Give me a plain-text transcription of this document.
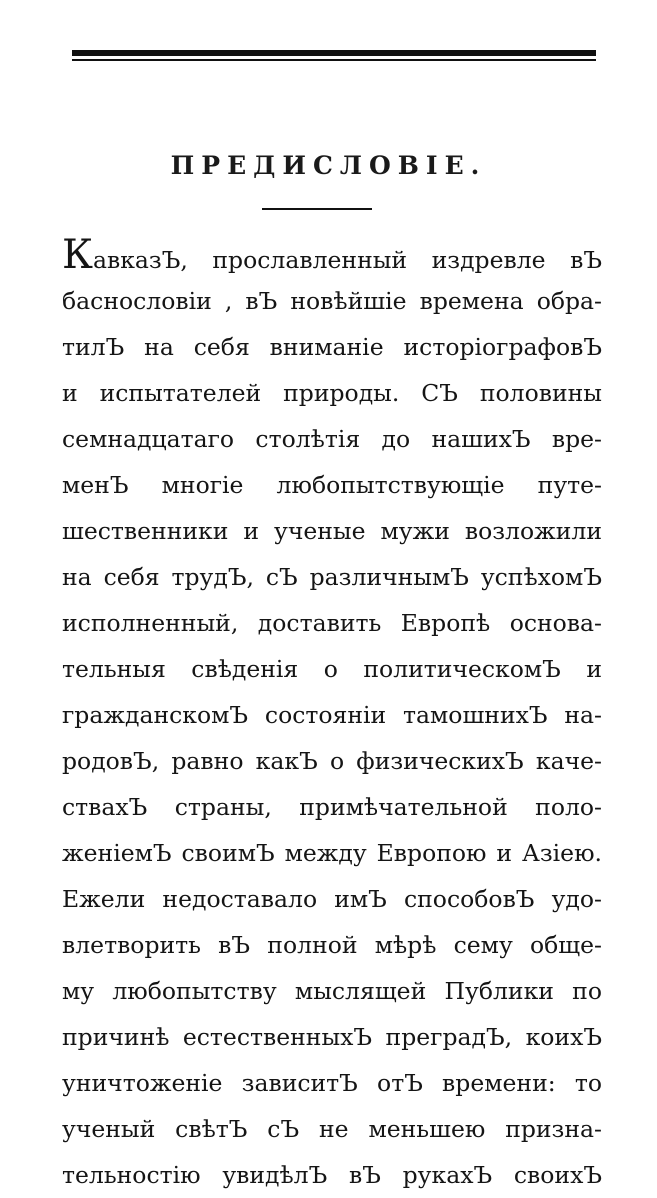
ПРЕДИСЛОВІЕ.
КавказЪ, прославленный издревле вЪ
баснословіи , вЪ новѣйшіе времена обра-
тилЪ на себя вниманіе исторіографовЪ
и испытателей природы. СЪ половины
семнадцатаго столѣтія до нашихЪ вре-
менЪ многіе любопытствующіе путе-
шественники и ученые мужи возложили
на себя трудЪ, сЪ различнымЪ успѣхомЪ
исполненный, доставить Европѣ основа-
тельныя свѣденія о политическомЪ и
гражданскомЪ состояніи тамошнихЪ на-
родовЪ, равно какЪ о физическихЪ каче-
ствахЪ страны, примѣчательной поло-
женіемЪ своимЪ между Европою и Азіею.
Ежели недоставало имЪ способовЪ удо-
влетворить вЪ полной мѣрѣ сему обще-
му любопытству мыслящей Публики по
причинѣ естественныхЪ преградЪ, коихЪ
уничтоженіе зависитЪ отЪ времени: то
ученый свѣтЪ сЪ не меньшею призна-
тельностію увидѣлЪ вЪ рукахЪ своихЪ
